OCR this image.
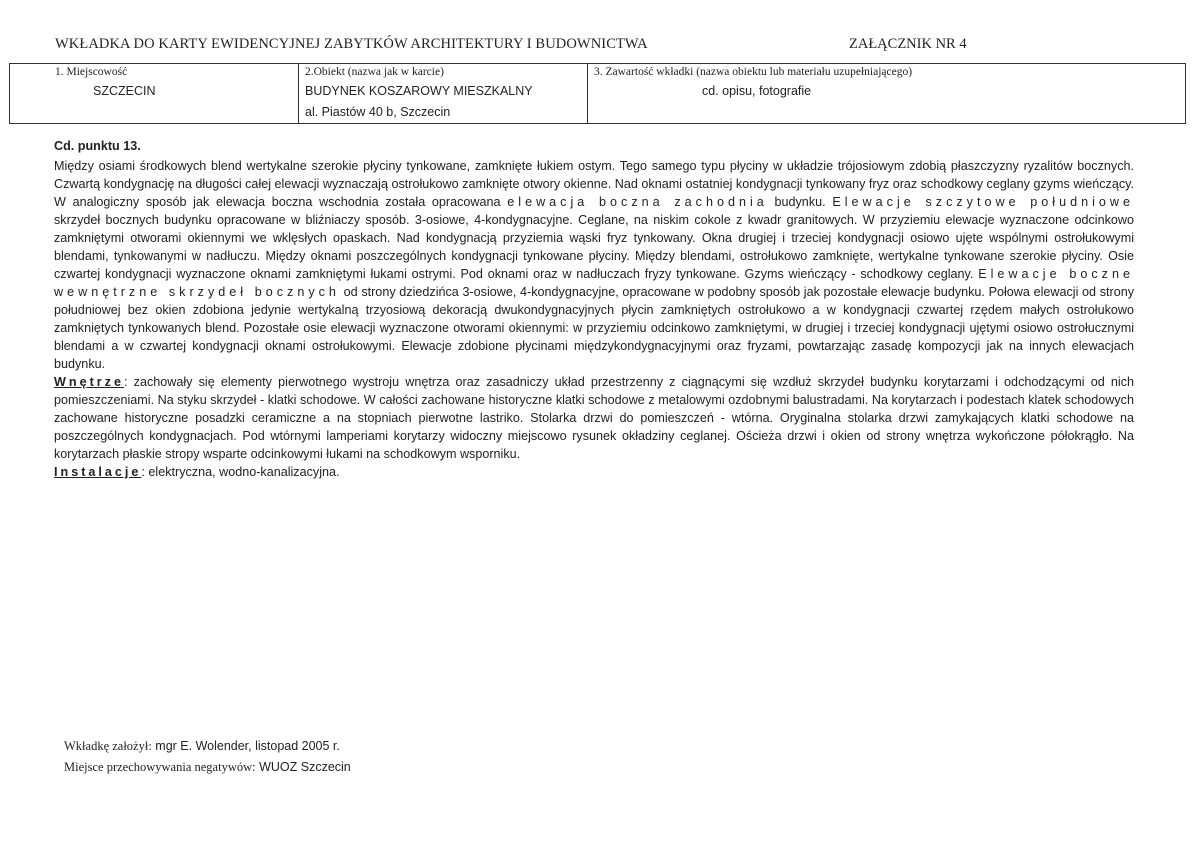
WKŁADKA DO KARTY EWIDENCYJNEJ ZABYTKÓW ARCHITEKTURY I BUDOWNICTWA	ZAŁĄCZNIK NR 4
1. Miejscowość
SZCZECIN
2.Obiekt (nazwa jak w karcie)
BUDYNEK KOSZAROWY MIESZKALNY
al. Piastów 40 b, Szczecin
3. Zawartość wkładki (nazwa obiektu lub materiału uzupełniającego)
cd. opisu, fotografie

Cd. punktu 13.

Między osiami środkowych blend wertykalne szerokie płyciny tynkowane, zamknięte łukiem ostym. Tego samego typu płyciny w układzie trójosiowym zdobią płaszczyzny ryzalitów bocznych. Czwartą kondygnację na długości całej elewacji wyznaczają ostrołukowo zamknięte otwory okienne. Nad oknami ostatniej kondygnacji tynkowany fryz oraz schodkowy ceglany gzyms wieńczący. W analogiczny sposób jak elewacja boczna wschodnia została opracowana elewacja boczna zachodnia budynku. Elewacje szczytowe południowe skrzydeł bocznych budynku opracowane w bliźniaczy sposób. 3-osiowe, 4-kondygnacyjne. Ceglane, na niskim cokole z kwadr granitowych. W przyziemiu elewacje wyznaczone odcinkowo zamkniętymi otworami okiennymi we wklęsłych opaskach. Nad kondygnacją przyziemia wąski fryz tynkowany. Okna drugiej i trzeciej kondygnacji osiowo ujęte wspólnymi ostrołukowymi blendami, tynkowanymi w nadłuczu. Między oknami poszczególnych kondygnacji tynkowane płyciny. Między blendami, ostrołukowo zamknięte, wertykalne tynkowane szerokie płyciny. Osie czwartej kondygnacji wyznaczone oknami zamkniętymi łukami ostrymi. Pod oknami oraz w nadłuczach fryzy tynkowane. Gzyms wieńczący - schodkowy ceglany. Elewacje boczne wewnętrzne skrzydeł bocznych od strony dziedzińca 3-osiowe, 4-kondygnacyjne, opracowane w podobny sposób jak pozostałe elewacje budynku. Połowa elewacji od strony południowej bez okien zdobiona jedynie wertykalną trzyosiową dekoracją dwukondygnacyjnych płycin zamkniętych ostrołukowo a w kondygnacji czwartej rzędem małych ostrołukowo zamkniętych tynkowanych blend. Pozostałe osie elewacji wyznaczone otworami okiennymi: w przyziemiu odcinkowo zamkniętymi, w drugiej i trzeciej kondygnacji ujętymi osiowo ostrołucznymi blendami a w czwartej kondygnacji oknami ostrołukowymi. Elewacje zdobione płycinami międzykondygnacyjnymi oraz fryzami, powtarzając zasadę kompozycji jak na innych elewacjach budynku.

Wnętrze: zachowały się elementy pierwotnego wystroju wnętrza oraz zasadniczy układ przestrzenny z ciągnącymi się wzdłuż skrzydeł budynku korytarzami i odchodzącymi od nich pomieszczeniami. Na styku skrzydeł - klatki schodowe. W całości zachowane historyczne klatki schodowe z metalowymi ozdobnymi balustradami. Na korytarzach i podestach klatek schodowych zachowane historyczne posadzki ceramiczne a na stopniach pierwotne lastriko. Stolarka drzwi do pomieszczeń - wtórna. Oryginalna stolarka drzwi zamykających klatki schodowe na poszczególnych kondygnacjach. Pod wtórnymi lamperiami korytarzy widoczny miejscowo rysunek okładziny ceglanej. Ościeża drzwi i okien od strony wnętrza wykończone półokrągło. Na korytarzach płaskie stropy wsparte odcinkowymi łukami na schodkowym wsporniku.

Instalacje: elektryczna, wodno-kanalizacyjna.

Wkładkę założył: mgr E. Wolender, listopad 2005 r.
Miejsce przechowywania negatywów: WUOZ Szczecin
